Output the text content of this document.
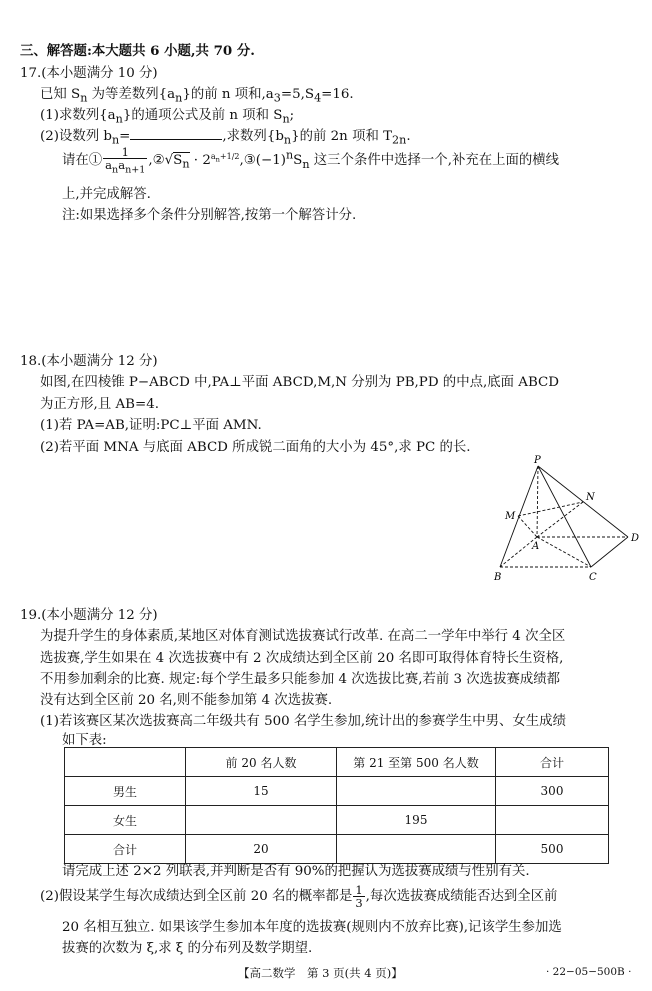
三、解答题:本大题共 6 小题,共 70 分.
17.(本小题满分 10 分)
已知 $S_n$ 为等差数列$\{a_n\}$的前 n 项和$,a_3=5,S_4=16$.
(1)求数列$\{a_n\}$的通项公式及前 n 项和 $S_n$;
(2)设数列 $b_n=$	,求数列$\{b_n\}$的前 2n 项和 $T_{2n}$.
请在① $\frac{1}{a_na_{n+1}}$ $,②√S_n$ · $2^{a_n+1/2},③(-1)^nS_n$ 这三个条件中选择一个,补充在上面的横线
上,并完成解答.
注:如果选择多个条件分别解答,按第一个解答计分.
18.(本小题满分 12 分)
如图,在四棱锥 P−ABCD 中,PA⊥平面 ABCD,M,N 分别为 PB,PD 的中点,底面 ABCD
为正方形,且 AB=4.
(1)若 PA=AB,证明:PC⊥平面 AMN.
(2)若平面 MNA 与底面 ABCD 所成锐二面角的大小为 45°,求 PC 的长.
P
N
M
A
D
B	C
19.(本小题满分 12 分)
为提升学生的身体素质,某地区对体育测试选拔赛试行改革. 在高二一学年中举行 4 次全区
选拔赛,学生如果在 4 次选拔赛中有 2 次成绩达到全区前 20 名即可取得体育特长生资格,
不用参加剩余的比赛. 规定:每个学生最多只能参加 4 次选拔比赛,若前 3 次选拔赛成绩都
没有达到全区前 20 名,则不能参加第 4 次选拔赛.
(1)若该赛区某次选拔赛高二年级共有 500 名学生参加,统计出的参赛学生中男、女生成绩
如下表:
	前 20 名人数	第 21 至第 500 名人数	合计
男生	15		300
女生		195	
合计	20		500
请完成上述 2×2 列联表,并判断是否有 90%的把握认为选拔赛成绩与性别有关.
(2)假设某学生每次成绩达到全区前 20 名的概率都是 $\frac{1}{3}$ ,每次选拔赛成绩能否达到全区前
20 名相互独立. 如果该学生参加本年度的选拔赛(规则内不放弃比赛),记该学生参加选
拔赛的次数为 ξ,求 ξ 的分布列及数学期望.
【高二数学　第 3 页(共 4 页)】	· 22−05−500B ·
